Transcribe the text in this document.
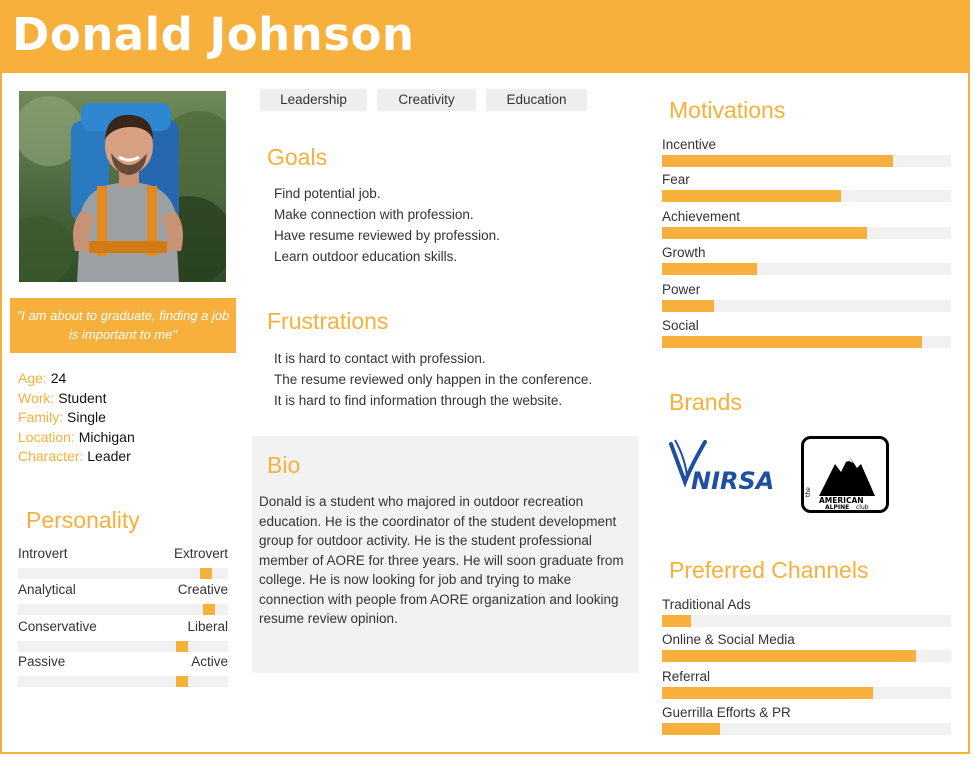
Donald Johnson
"I am about to graduate, finding a job is important to me"
Age: 24
Work: Student
Family: Single
Location: Michigan
Character: Leader
Personality
Introvert	Extrovert
Analytical	Creative
Conservative	Liberal
Passive	Active
Leadership	Creativity	Education
Goals
Find potential job.
Make connection with profession.
Have resume reviewed by profession.
Learn outdoor education skills.
Frustrations
It is hard to contact with profession.
The resume reviewed only happen in the conference.
It is hard to find information through the website.
Bio
Donald is a student who majored in outdoor recreation education. He is the coordinator of the student development group for outdoor activity. He is the student professional member of AORE for three years. He will soon graduate from college. He is now looking for job and trying to make connection with people from AORE organization and looking resume review opinion.
Motivations
Incentive
Fear
Achievement
Growth
Power
Social
Brands
NIRSA	the
AMERICAN
ALPINE club
Preferred Channels
Traditional Ads
Online & Social Media
Referral
Guerrilla Efforts & PR
